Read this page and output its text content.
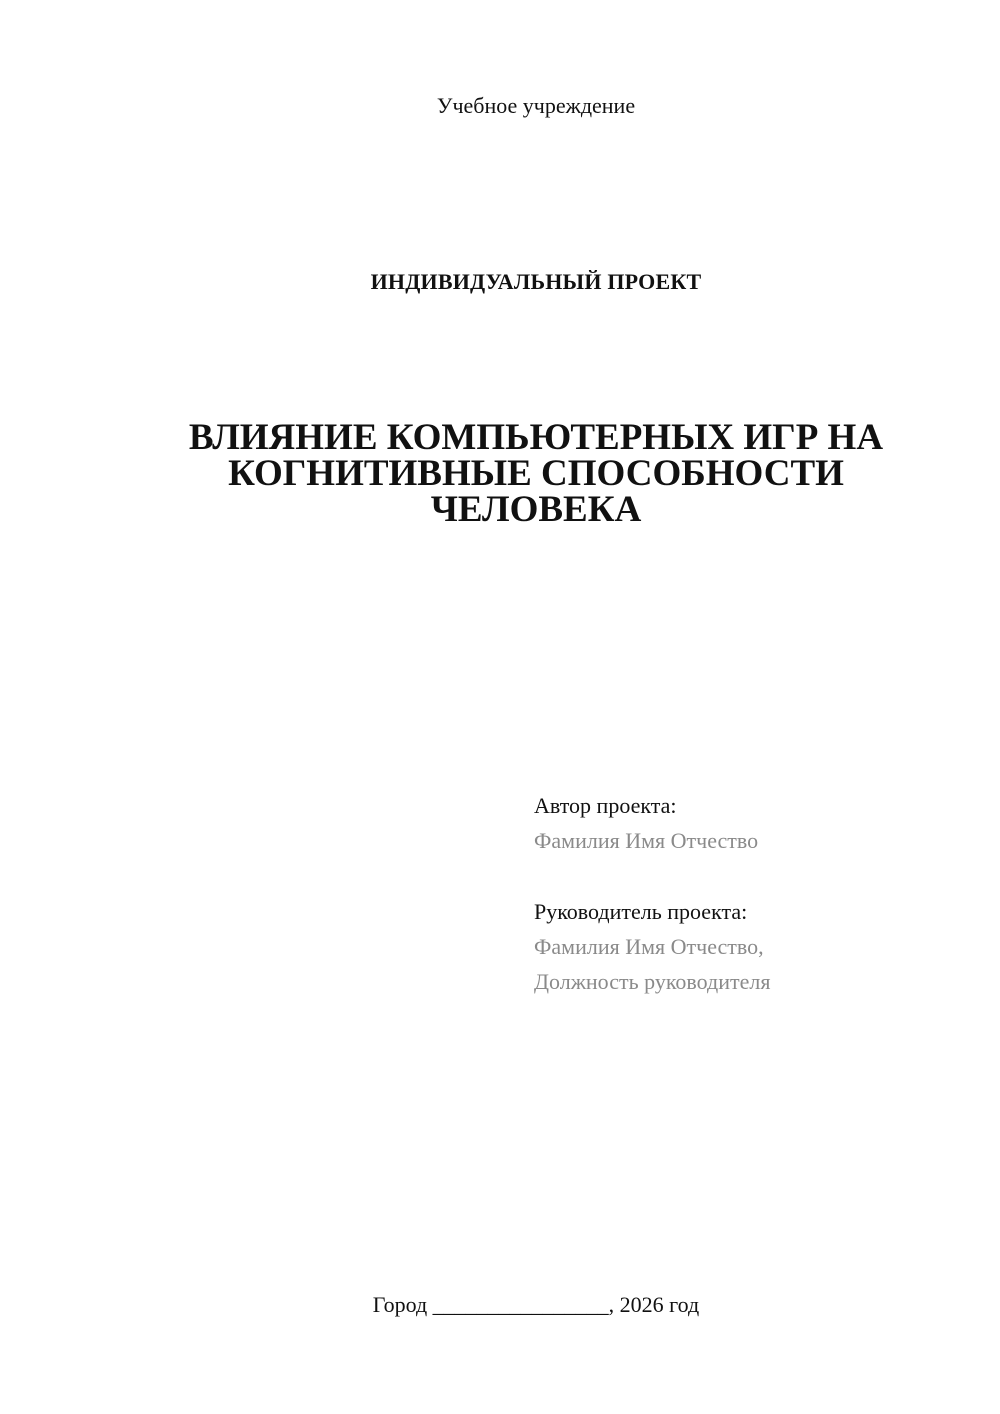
Учебное учреждение
ИНДИВИДУАЛЬНЫЙ ПРОЕКТ
ВЛИЯНИЕ КОМПЬЮТЕРНЫХ ИГР НА
КОГНИТИВНЫЕ СПОСОБНОСТИ
ЧЕЛОВЕКА
Автор проекта:
Фамилия Имя Отчество
Руководитель проекта:
Фамилия Имя Отчество,
Должность руководителя
Город ________________, 2026 год
